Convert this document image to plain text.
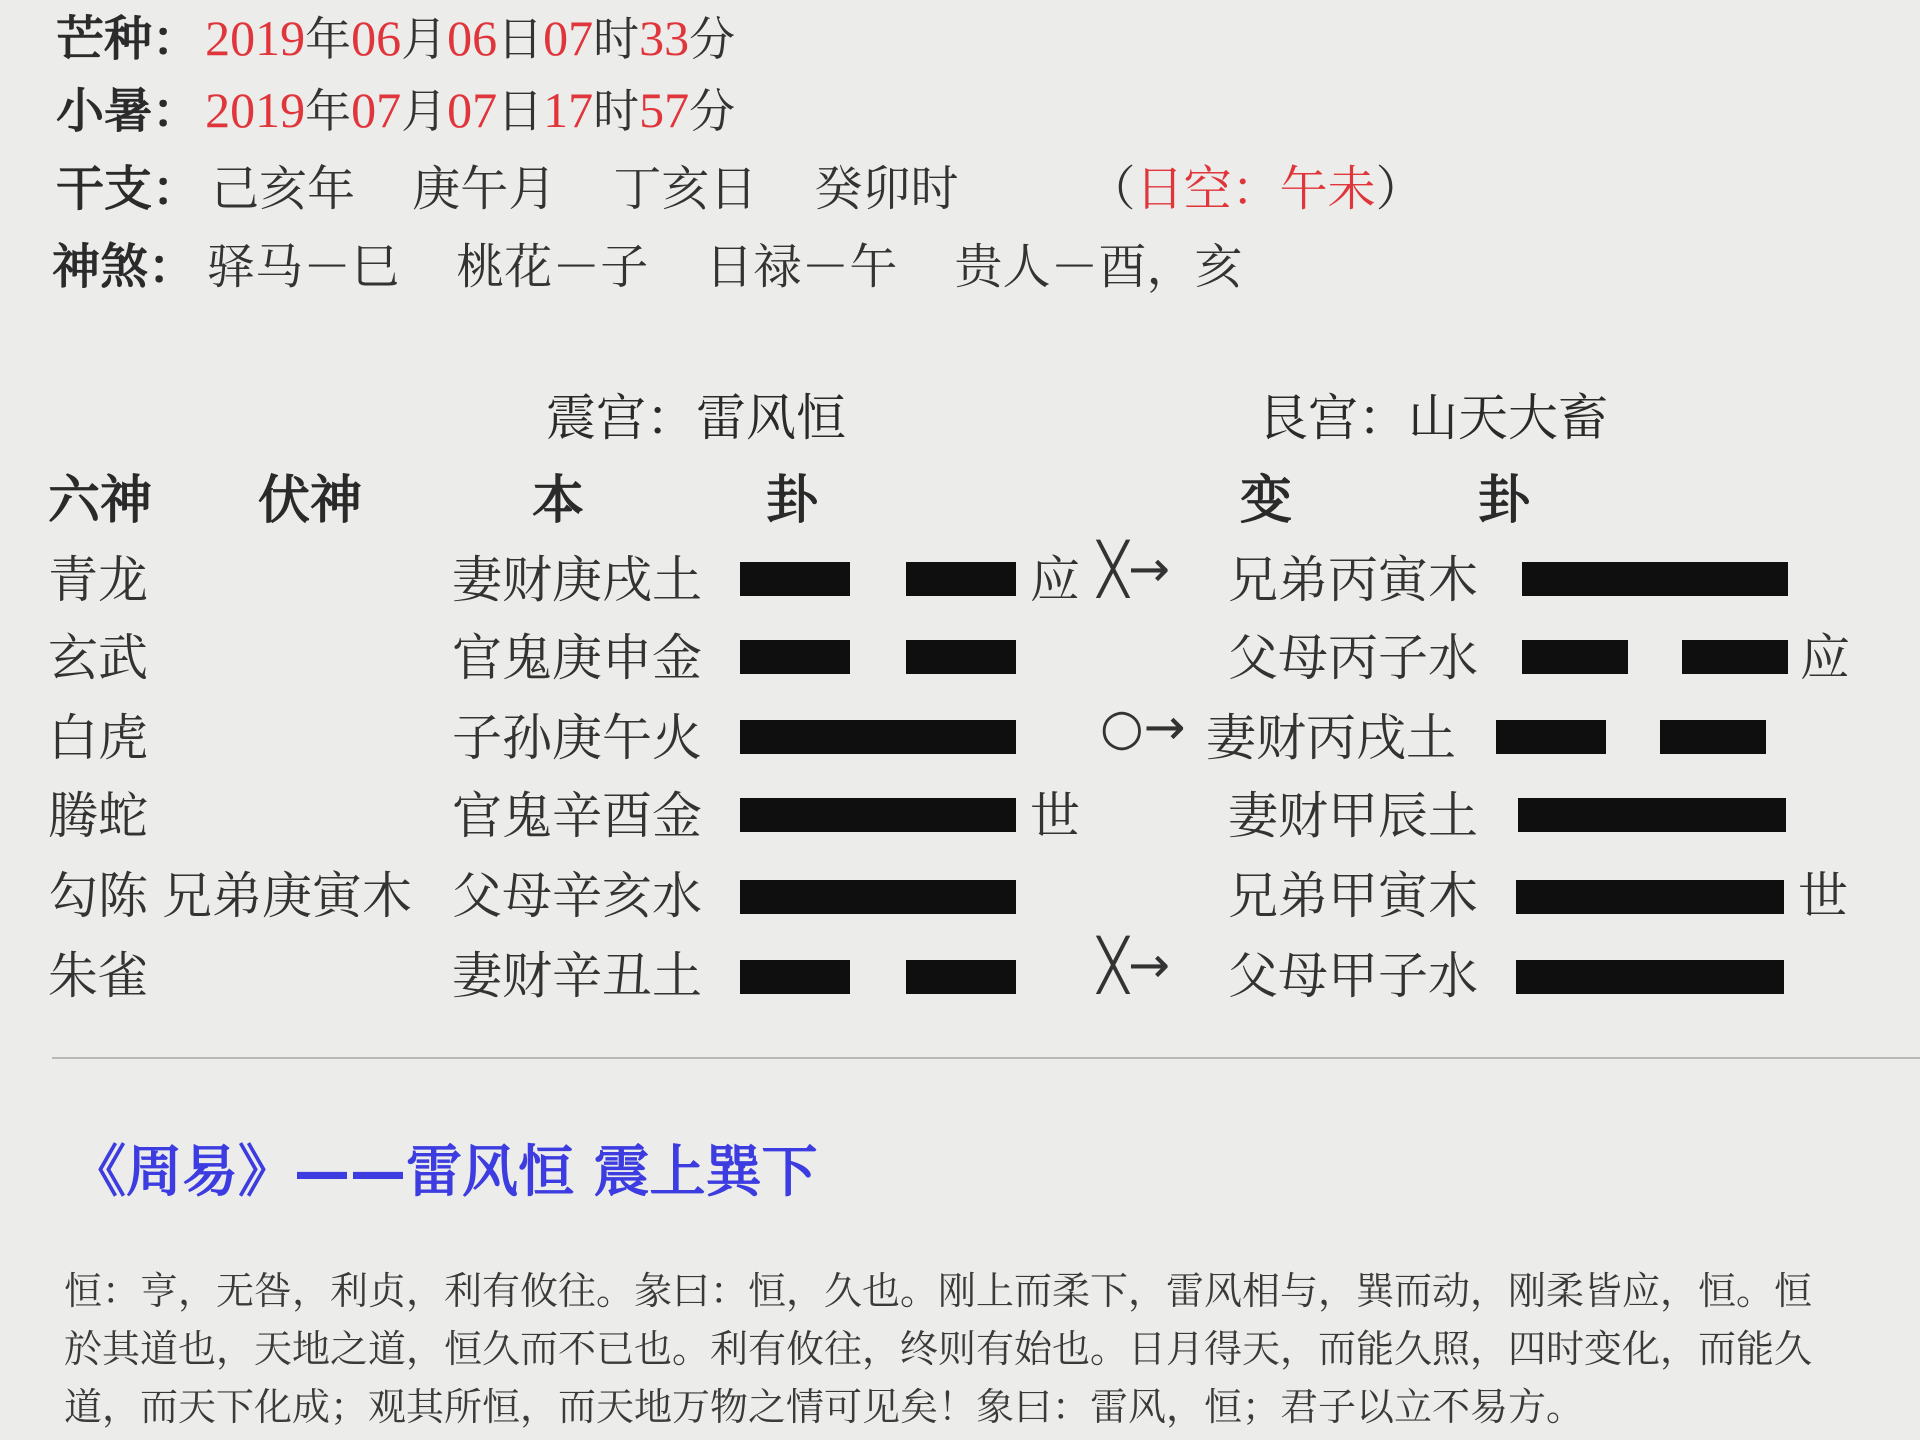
芒种： 2019年06月06日07时33分
小暑： 2019年07月07日17时57分
干支： 己亥年 庚午月 丁亥日 癸卯时	（日空：午未）
神煞： 驿马－巳 桃花－子 日禄－午 贵人－酉，亥
震宫：雷风恒	艮宫：山天大畜
六神 伏神	本	卦	变	卦
青龙	妻财庚戌土	应 ╳→ 兄弟丙寅木
玄武	官鬼庚申金	父母丙子水	应
白虎	子孙庚午火	○→ 妻财丙戌土
腾蛇	官鬼辛酉金	世	妻财甲辰土
勾陈 兄弟庚寅木 父母辛亥水	兄弟甲寅木	世
朱雀	妻财辛丑土	╳→ 父母甲子水
《周易》——雷风恒 震上巽下
恒：亨，无咎，利贞，利有攸往。彖曰：恒，久也。刚上而柔下，雷风相与，巽而动，刚柔皆应，恒。恒
於其道也，天地之道，恒久而不已也。利有攸往，终则有始也。日月得天，而能久照，四时变化，而能久
道，而天下化成；观其所恒，而天地万物之情可见矣！象曰：雷风，恒；君子以立不易方。
